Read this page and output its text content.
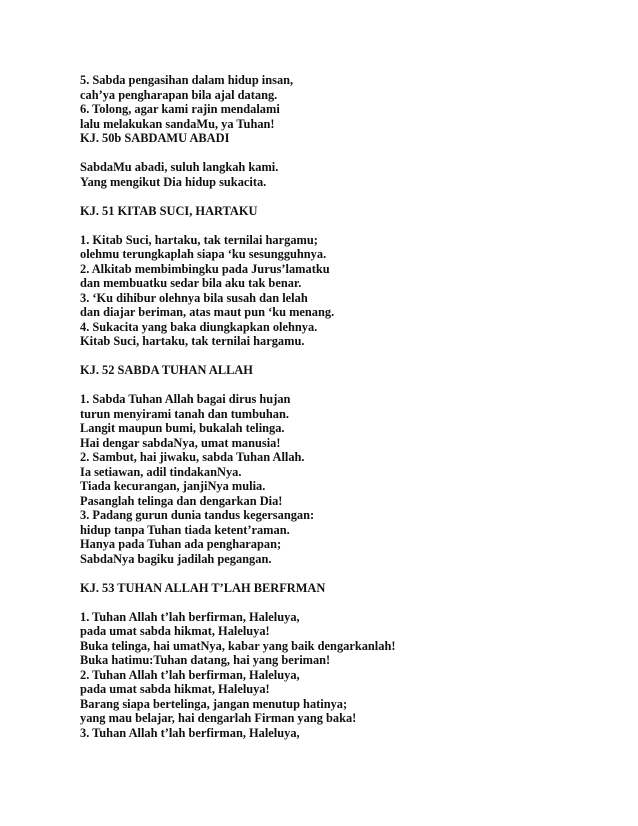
5. Sabda pengasihan dalam hidup insan,
cah’ya pengharapan bila ajal datang.
6. Tolong, agar kami rajin mendalami
lalu melakukan sandaMu, ya Tuhan!
KJ. 50b SABDAMU ABADI
SabdaMu abadi, suluh langkah kami.
Yang mengikut Dia hidup sukacita.
KJ. 51 KITAB SUCI, HARTAKU
1. Kitab Suci, hartaku, tak ternilai hargamu;
olehmu terungkaplah siapa ‘ku sesungguhnya.
2. Alkitab membimbingku pada Jurus’lamatku
dan membuatku sedar bila aku tak benar.
3. ‘Ku dihibur olehnya bila susah dan lelah
dan diajar beriman, atas maut pun ‘ku menang.
4. Sukacita yang baka diungkapkan olehnya.
Kitab Suci, hartaku, tak ternilai hargamu.
KJ. 52 SABDA TUHAN ALLAH
1. Sabda Tuhan Allah bagai dirus hujan
turun menyirami tanah dan tumbuhan.
Langit maupun bumi, bukalah telinga.
Hai dengar sabdaNya, umat manusia!
2. Sambut, hai jiwaku, sabda Tuhan Allah.
Ia setiawan, adil tindakanNya.
Tiada kecurangan, janjiNya mulia.
Pasanglah telinga dan dengarkan Dia!
3. Padang gurun dunia tandus kegersangan:
hidup tanpa Tuhan tiada ketent’raman.
Hanya pada Tuhan ada pengharapan;
SabdaNya bagiku jadilah pegangan.
KJ. 53 TUHAN ALLAH T’LAH BERFRMAN
1. Tuhan Allah t’lah berfirman, Haleluya,
pada umat sabda hikmat, Haleluya!
Buka telinga, hai umatNya, kabar yang baik dengarkanlah!
Buka hatimu:Tuhan datang, hai yang beriman!
2. Tuhan Allah t’lah berfirman, Haleluya,
pada umat sabda hikmat, Haleluya!
Barang siapa bertelinga, jangan menutup hatinya;
yang mau belajar, hai dengarlah Firman yang baka!
3. Tuhan Allah t’lah berfirman, Haleluya,
